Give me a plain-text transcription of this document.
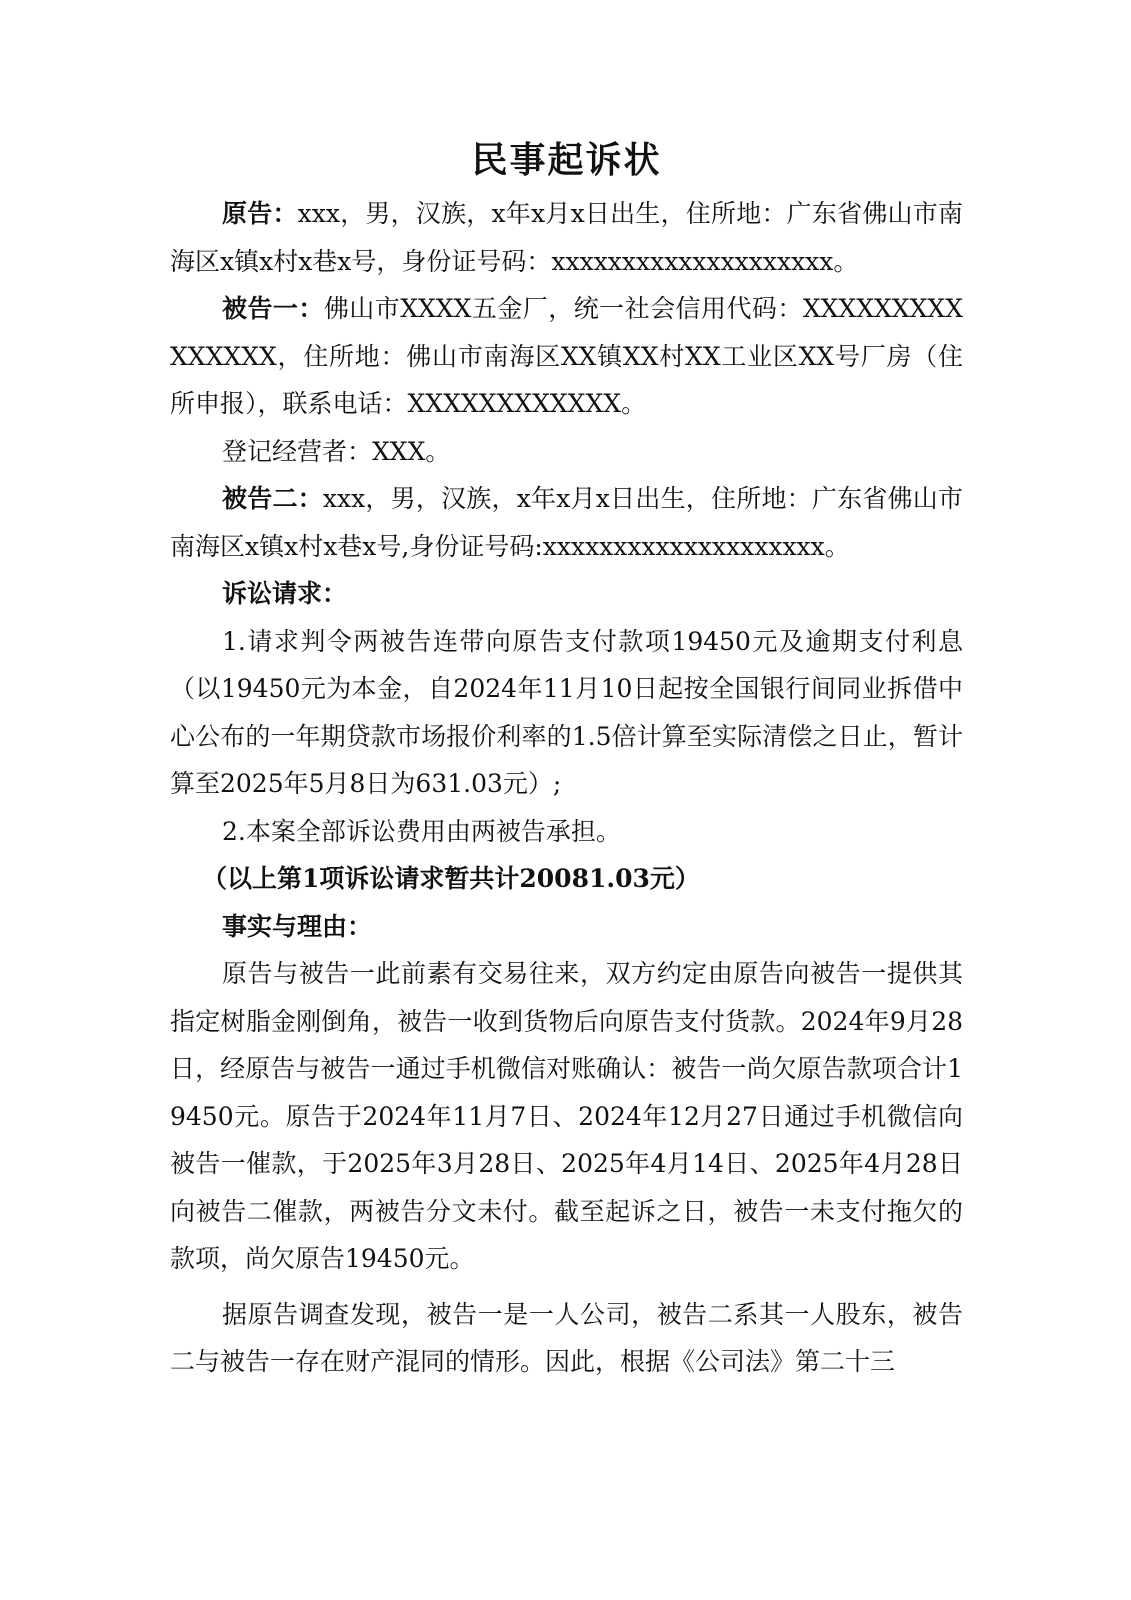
民事起诉状

原告：xxx，男，汉族，x年x月x日出生，住所地：广东省佛山市南海区x镇x村x巷x号，身份证号码：xxxxxxxxxxxxxxxxxxxx。

被告一：佛山市XXXX五金厂，统一社会信用代码：XXXXXXXXXXXXXXX，住所地：佛山市南海区XX镇XX村XX工业区XX号厂房（住所申报），联系电话：XXXXXXXXXXXX。

登记经营者：XXX。

被告二：xxx，男，汉族，x年x月x日出生，住所地：广东省佛山市南海区x镇x村x巷x号,身份证号码:xxxxxxxxxxxxxxxxxxxx。

诉讼请求：

1.请求判令两被告连带向原告支付款项19450元及逾期支付利息（以19450元为本金，自2024年11月10日起按全国银行间同业拆借中心公布的一年期贷款市场报价利率的1.5倍计算至实际清偿之日止，暂计算至2025年5月8日为631.03元）;

2.本案全部诉讼费用由两被告承担。

（以上第1项诉讼请求暂共计20081.03元）

事实与理由：

原告与被告一此前素有交易往来，双方约定由原告向被告一提供其指定树脂金刚倒角，被告一收到货物后向原告支付货款。2024年9月28日，经原告与被告一通过手机微信对账确认：被告一尚欠原告款项合计19450元。原告于2024年11月7日、2024年12月27日通过手机微信向被告一催款，于2025年3月28日、2025年4月14日、2025年4月28日向被告二催款，两被告分文未付。截至起诉之日，被告一未支付拖欠的款项，尚欠原告19450元。

据原告调查发现，被告一是一人公司，被告二系其一人股东，被告二与被告一存在财产混同的情形。因此，根据《公司法》第二十三
